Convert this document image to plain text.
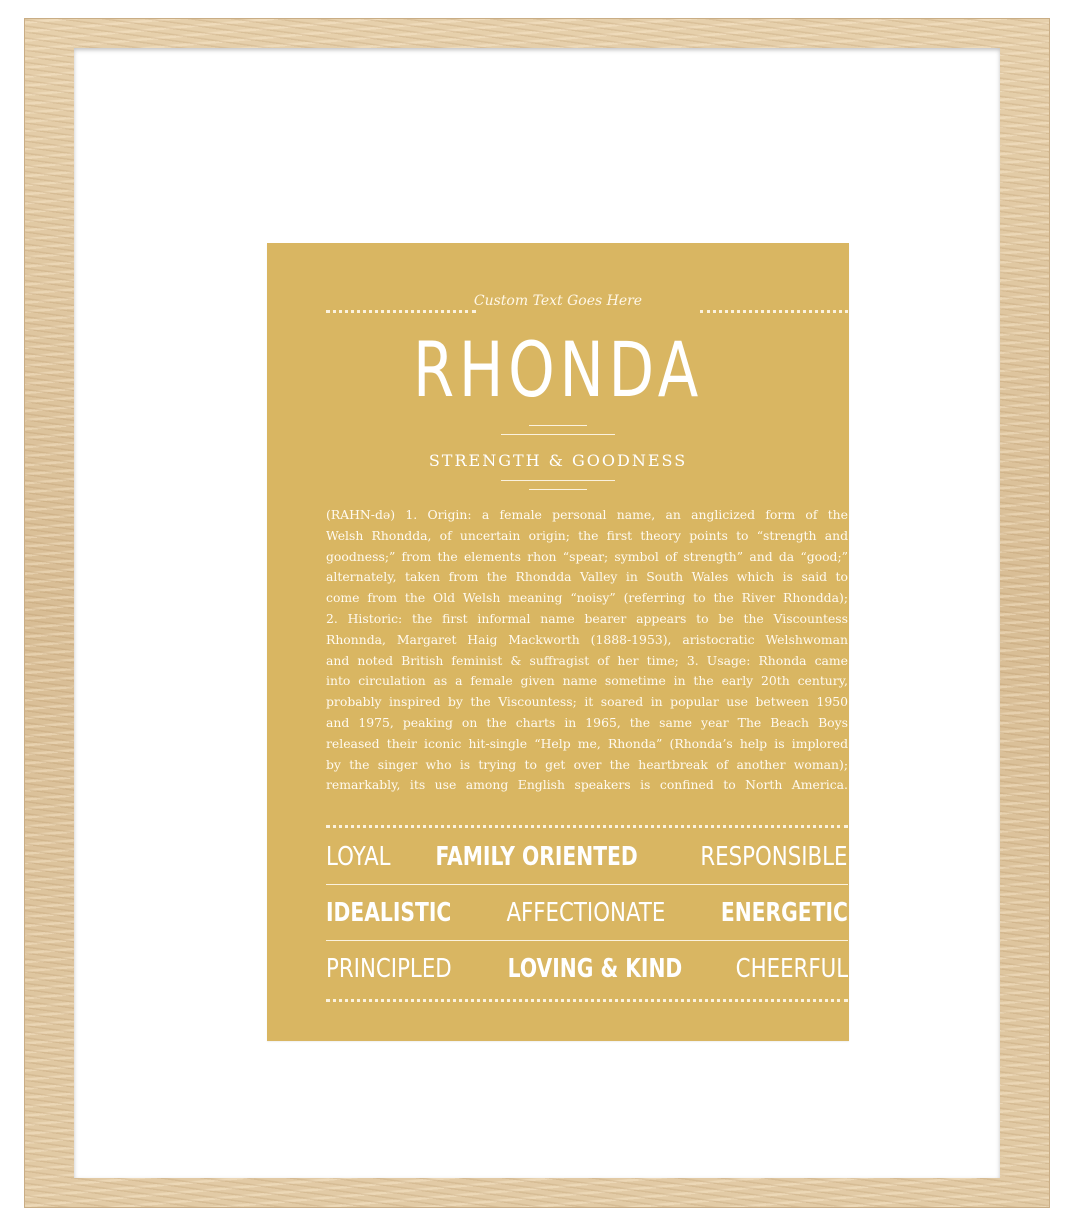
Custom Text Goes Here
RHONDA
STRENGTH & GOODNESS
(RAHN-də) 1. Origin: a female personal name, an anglicized form of the
Welsh Rhondda, of uncertain origin; the first theory points to “strength and
goodness;” from the elements rhon “spear; symbol of strength” and da “good;”
alternately, taken from the Rhondda Valley in South Wales which is said to
come from the Old Welsh meaning “noisy” (referring to the River Rhondda);
2. Historic: the first informal name bearer appears to be the Viscountess
Rhonnda, Margaret Haig Mackworth (1888-1953), aristocratic Welshwoman
and noted British feminist & suffragist of her time; 3. Usage: Rhonda came
into circulation as a female given name sometime in the early 20th century,
probably inspired by the Viscountess; it soared in popular use between 1950
and 1975, peaking on the charts in 1965, the same year The Beach Boys
released their iconic hit-single “Help me, Rhonda” (Rhonda’s help is implored
by the singer who is trying to get over the heartbreak of another woman);
remarkably, its use among English speakers is confined to North America.
LOYAL FAMILY ORIENTED RESPONSIBLE
IDEALISTIC AFFECTIONATE ENERGETIC
PRINCIPLED LOVING & KIND CHEERFUL
